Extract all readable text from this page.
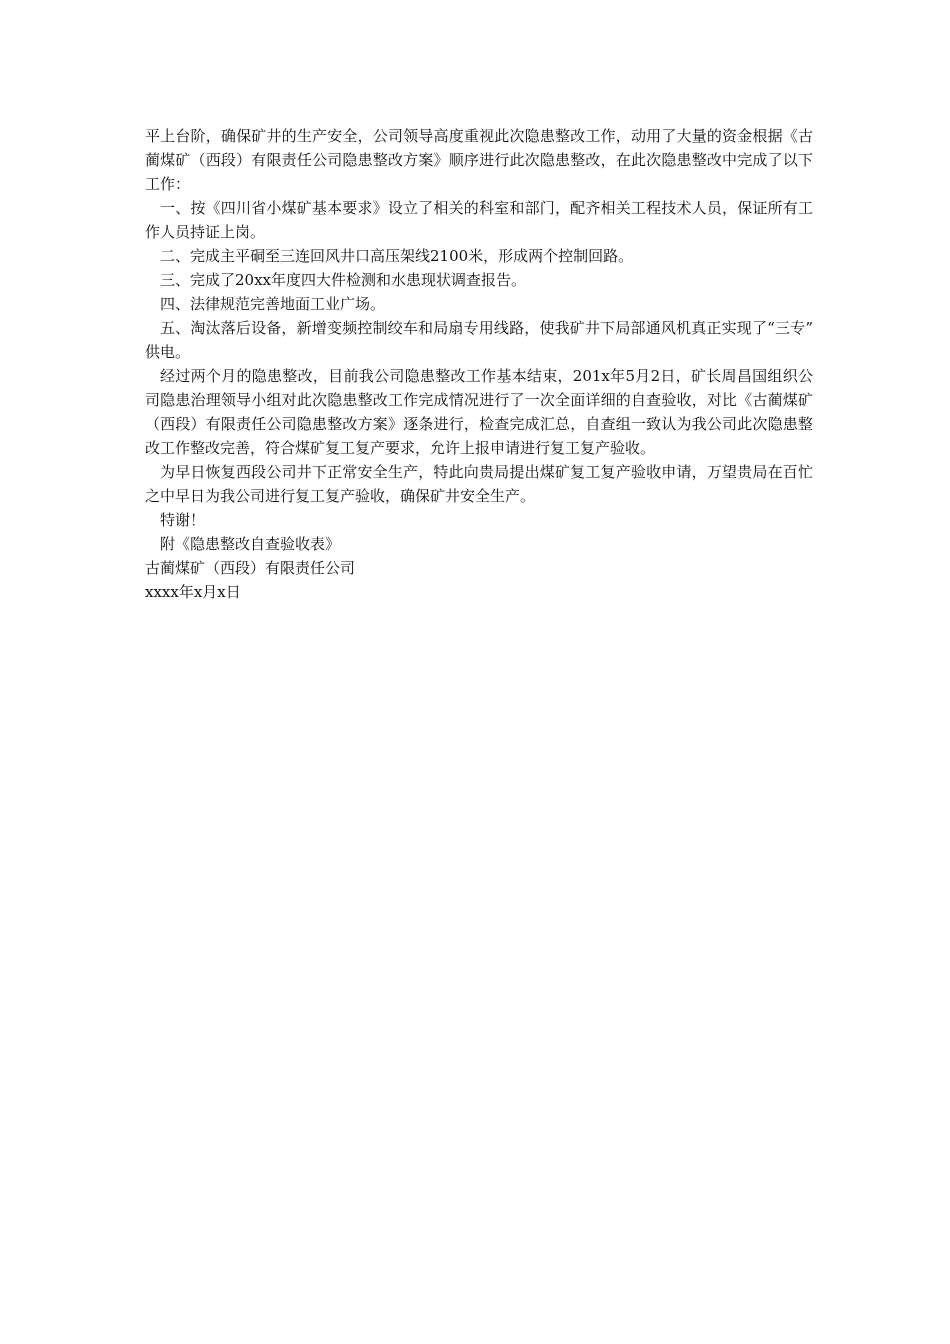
平上台阶，确保矿井的生产安全，公司领导高度重视此次隐患整改工作，动用了大量的资金根据《古蔺煤矿（西段）有限责任公司隐患整改方案》顺序进行此次隐患整改，在此次隐患整改中完成了以下工作：

一、按《四川省小煤矿基本要求》设立了相关的科室和部门，配齐相关工程技术人员，保证所有工作人员持证上岗。

二、完成主平硐至三连回风井口高压架线2100米，形成两个控制回路。

三、完成了20xx年度四大件检测和水患现状调查报告。

四、法律规范完善地面工业广场。

五、淘汰落后设备，新增变频控制绞车和局扇专用线路，使我矿井下局部通风机真正实现了“三专”供电。

经过两个月的隐患整改，目前我公司隐患整改工作基本结束，201x年5月2日，矿长周昌国组织公司隐患治理领导小组对此次隐患整改工作完成情况进行了一次全面详细的自查验收，对比《古蔺煤矿（西段）有限责任公司隐患整改方案》逐条进行，检查完成汇总，自查组一致认为我公司此次隐患整改工作整改完善，符合煤矿复工复产要求，允许上报申请进行复工复产验收。

为早日恢复西段公司井下正常安全生产，特此向贵局提出煤矿复工复产验收申请，万望贵局在百忙之中早日为我公司进行复工复产验收，确保矿井安全生产。

特谢！

附《隐患整改自查验收表》

古蔺煤矿（西段）有限责任公司

xxxx年x月x日
